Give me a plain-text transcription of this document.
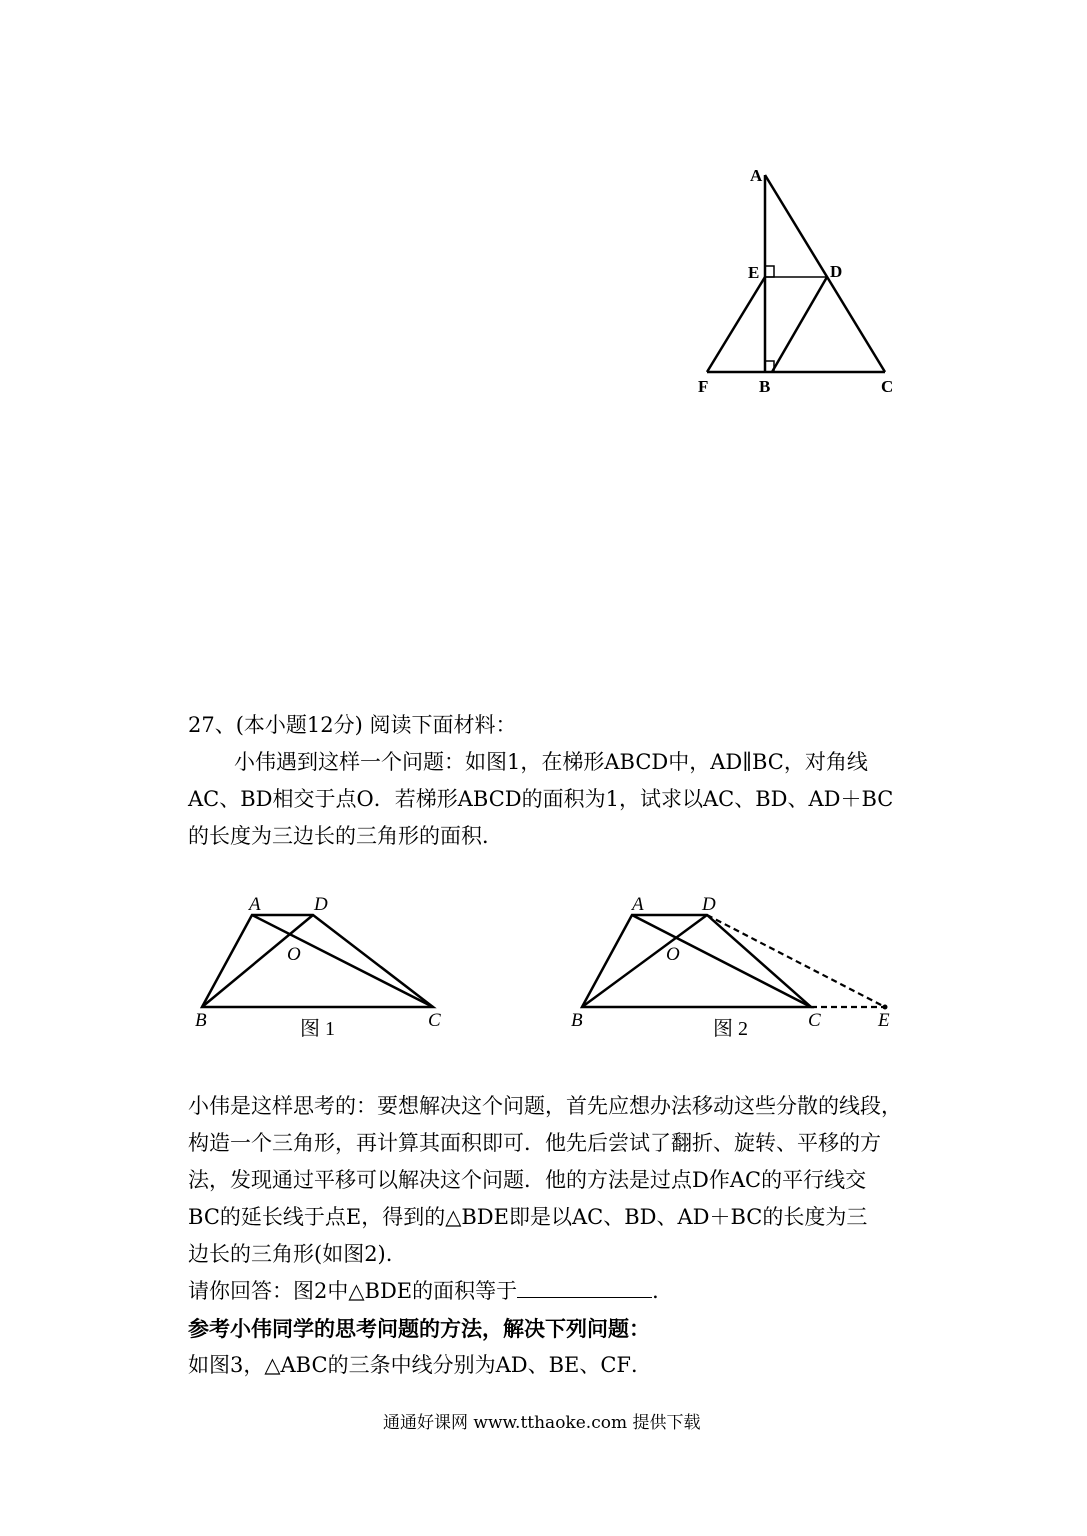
A
E	D
F	B	C
27、(本小题12分) 阅读下面材料：
小伟遇到这样一个问题：如图1，在梯形ABCD中，AD∥BC，对角线
AC、BD相交于点O．若梯形ABCD的面积为1，试求以AC、BD、AD＋BC
的长度为三边长的三角形的面积．
A	D
O
B	C
图 1
A	D
O
B	C	E
图 2
小伟是这样思考的：要想解决这个问题，首先应想办法移动这些分散的线段，
构造一个三角形，再计算其面积即可．他先后尝试了翻折、旋转、平移的方
法，发现通过平移可以解决这个问题．他的方法是过点D作AC的平行线交
BC的延长线于点E，得到的△BDE即是以AC、BD、AD＋BC的长度为三
边长的三角形(如图2).
请你回答：图2中△BDE的面积等于	．
参考小伟同学的思考问题的方法，解决下列问题：
如图3，△ABC的三条中线分别为AD、BE、CF．
通通好课网 www.tthaoke.com 提供下载
